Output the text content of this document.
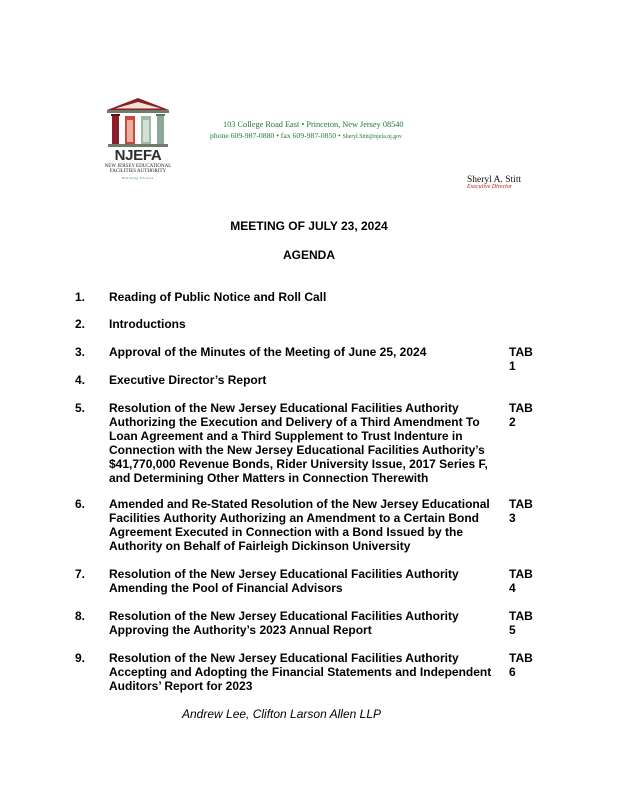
NJEFA
NEW JERSEY EDUCATIONAL FACILITIES AUTHORITY
Building Futures
103 College Road East • Princeton, New Jersey 08540
phone 609-987-0880 • fax 609-987-0850 • Sheryl.Stitt@njefa.nj.gov
Sheryl A. Stitt
Executive Director
MEETING OF JULY 23, 2024
AGENDA
1. Reading of Public Notice and Roll Call
2. Introductions
3. Approval of the Minutes of the Meeting of June 25, 2024	TAB 1
4. Executive Director’s Report
5. Resolution of the New Jersey Educational Facilities Authority Authorizing the Execution and Delivery of a Third Amendment To Loan Agreement and a Third Supplement to Trust Indenture in Connection with the New Jersey Educational Facilities Authority’s $41,770,000 Revenue Bonds, Rider University Issue, 2017 Series F, and Determining Other Matters in Connection Therewith
TAB 2
6. Amended and Re-Stated Resolution of the New Jersey Educational Facilities Authority Authorizing an Amendment to a Certain Bond Agreement Executed in Connection with a Bond Issued by the Authority on Behalf of Fairleigh Dickinson University
TAB 3
7. Resolution of the New Jersey Educational Facilities Authority Amending the Pool of Financial Advisors
TAB 4
8. Resolution of the New Jersey Educational Facilities Authority Approving the Authority’s 2023 Annual Report
TAB 5
9. Resolution of the New Jersey Educational Facilities Authority Accepting and Adopting the Financial Statements and Independent Auditors’ Report for 2023
TAB 6
Andrew Lee, Clifton Larson Allen LLP
